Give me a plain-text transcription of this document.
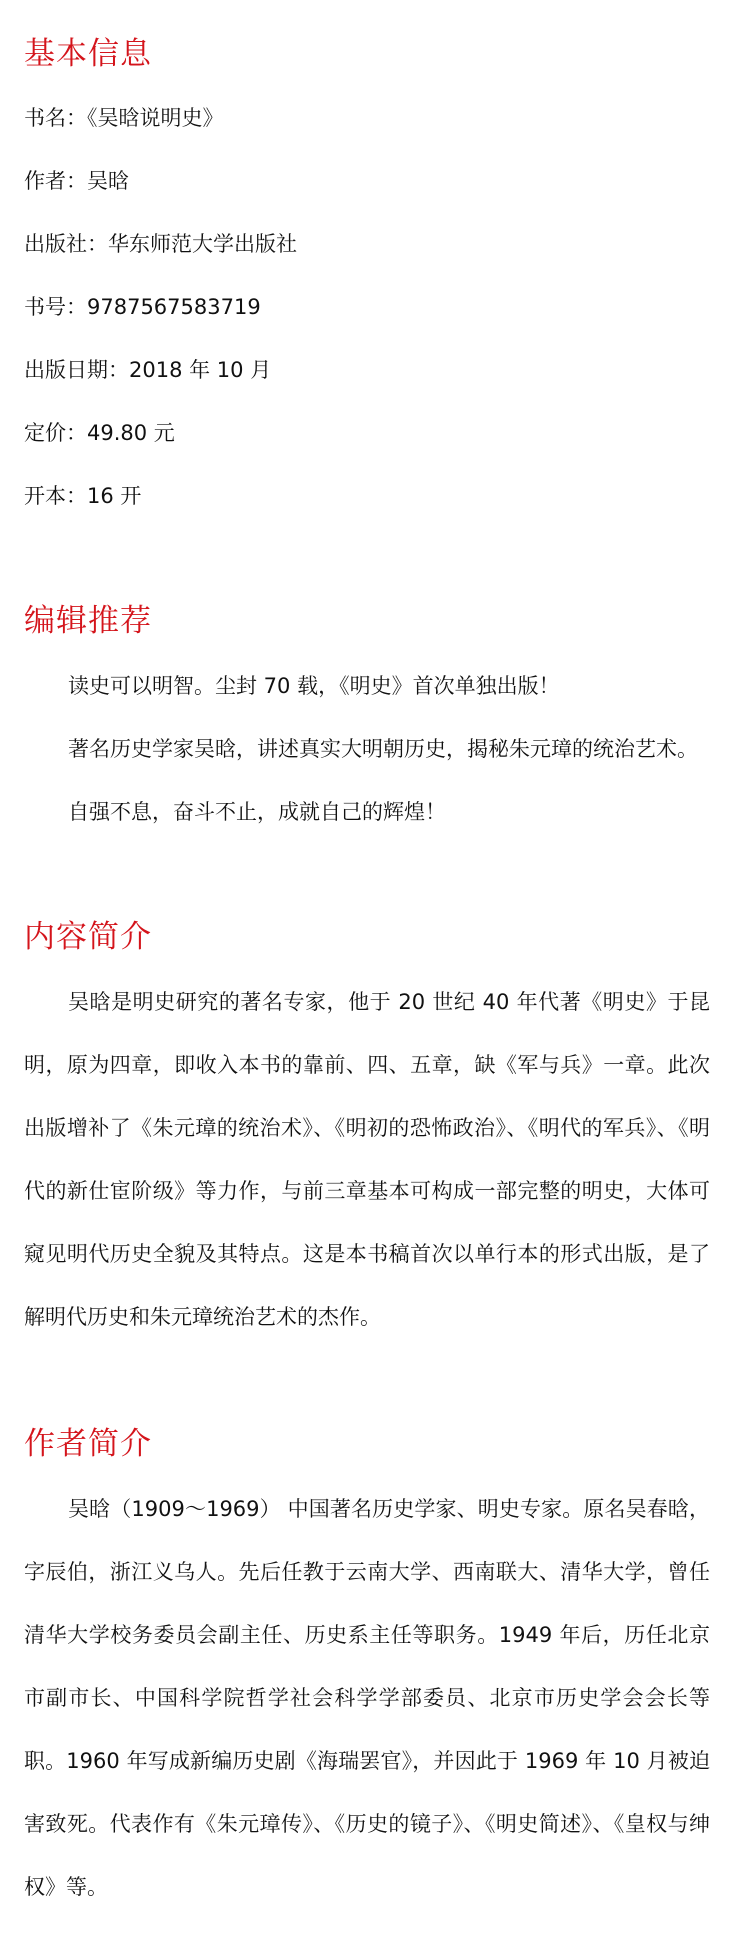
基本信息

书名：《吴晗说明史》

作者：吴晗

出版社：华东师范大学出版社

书号：9787567583719

出版日期：2018 年 10 月

定价：49.80 元

开本：16 开

编辑推荐

读史可以明智。尘封 70 载，《明史》首次单独出版！

著名历史学家吴晗，讲述真实大明朝历史，揭秘朱元璋的统治艺术。

自强不息，奋斗不止，成就自己的辉煌！

内容简介

吴晗是明史研究的著名专家，他于 20 世纪 40 年代著《明史》于昆明，原为四章，即收入本书的靠前、四、五章，缺《军与兵》一章。此次出版增补了《朱元璋的统治术》、《明初的恐怖政治》、《明代的军兵》、《明代的新仕宦阶级》等力作，与前三章基本可构成一部完整的明史，大体可窥见明代历史全貌及其特点。这是本书稿首次以单行本的形式出版，是了解明代历史和朱元璋统治艺术的杰作。

作者简介

吴晗（1909～1969） 中国著名历史学家、明史专家。原名吴春晗，字辰伯，浙江义乌人。先后任教于云南大学、西南联大、清华大学，曾任清华大学校务委员会副主任、历史系主任等职务。1949 年后，历任北京市副市长、中国科学院哲学社会科学学部委员、北京市历史学会会长等职。1960 年写成新编历史剧《海瑞罢官》，并因此于 1969 年 10 月被迫害致死。代表作有《朱元璋传》、《历史的镜子》、《明史简述》、《皇权与绅权》等。
